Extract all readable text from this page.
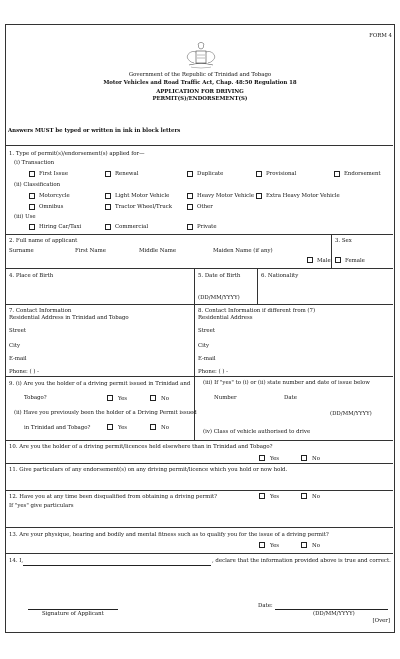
FORM 4
Government of the Republic of Trinidad and Tobago
Motor Vehicles and Road Traffic Act, Chap. 48:50 Regulation 18
APPLICATION FOR DRIVING
PERMIT(S)/ENDORSEMENT(S)
Answers MUST be typed or written in ink in block letters
1. Type of permit(s)/endorsement(s) applied for—
(i) Transaction
First Issue	Renewal	Duplicate	Provisional	Endorsement
(ii) Classification
Motorcycle	Light Motor Vehicle	Heavy Motor Vehicle Extra Heavy Motor Vehicle
Omnibus	Tractor Wheel/Truck	Other
(iii) Use
Hiring Car/Taxi	Commercial	Private
2. Full name of applicant
Surname	First Name	Middle Name	Maiden Name (if any)
3. Sex
Male	Female
4. Place of Birth	5. Date of Birth
(DD/MM/YYYY)
6. Nationality
7. Contact Information
Residential Address in Trinidad and Tobago
Street
City
E-mail
Phone: ( ) -
8. Contact Information if different from (7)
Residential Address
Street
City
E-mail
Phone: ( ) -
9. (i) Are you the holder of a driving permit issued in Trinidad and
Tobago?	Yes	No
(ii) Have you previously been the holder of a Driving Permit issued
in Trinidad and Tobago?	Yes	No
(iii) If "yes" to (i) or (ii) state number and date of issue below
Number	Date
(DD/MM/YYYY)
(iv) Class of vehicle authorised to drive
10. Are you the holder of a driving permit/licences held elsewhere than in Trinidad and Tobago?
Yes	No
11. Give particulars of any endorsement(s) on any driving permit/licence which you hold or now hold.
12. Have you at any time been disqualified from obtaining a driving permit?
If "yes" give particulars
Yes	No
13. Are your physique, hearing and bodily and mental fitness such as to qualify you for the issue of a driving permit?
Yes	No
14. I,	, declare that the information provided above is true and correct.
Signature of Applicant
Date:
(DD/MM/YYYY)
[Over]
